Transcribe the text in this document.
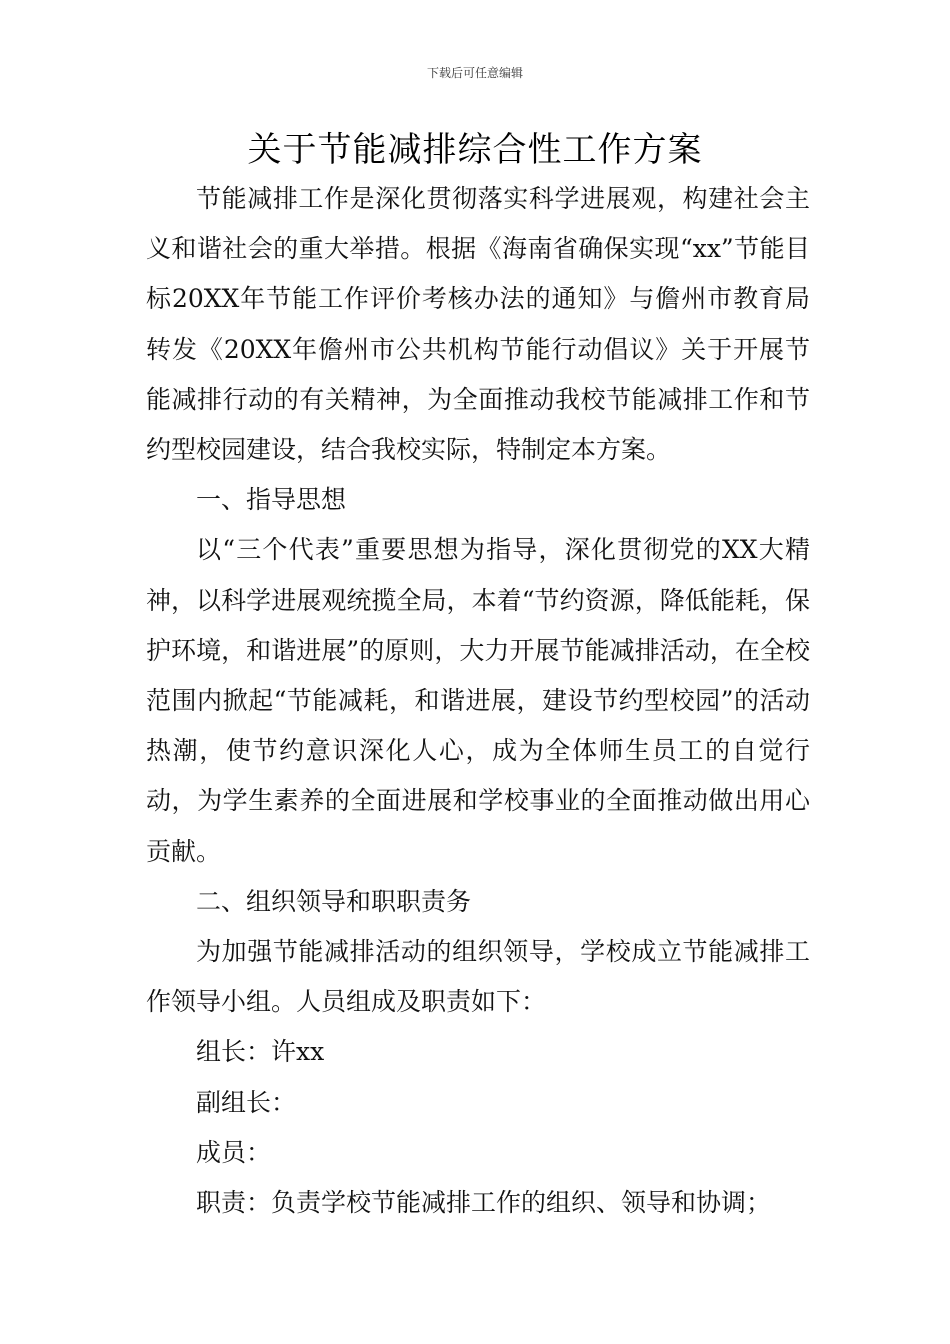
下载后可任意编辑
关于节能减排综合性工作方案

节能减排工作是深化贯彻落实科学进展观，构建社会主义和谐社会的重大举措。根据《海南省确保实现“xx”节能目标20XX年节能工作评价考核办法的通知》与儋州市教育局转发《20XX年儋州市公共机构节能行动倡议》关于开展节能减排行动的有关精神，为全面推动我校节能减排工作和节约型校园建设，结合我校实际，特制定本方案。

一、指导思想

以“三个代表”重要思想为指导，深化贯彻党的XX大精神，以科学进展观统揽全局，本着“节约资源，降低能耗，保护环境，和谐进展”的原则，大力开展节能减排活动，在全校范围内掀起“节能减耗，和谐进展，建设节约型校园”的活动热潮，使节约意识深化人心，成为全体师生员工的自觉行动，为学生素养的全面进展和学校事业的全面推动做出用心贡献。

二、组织领导和职职责务

为加强节能减排活动的组织领导，学校成立节能减排工作领导小组。人员组成及职责如下：

组长：许xx

副组长：

成员：

职责：负责学校节能减排工作的组织、领导和协调；
